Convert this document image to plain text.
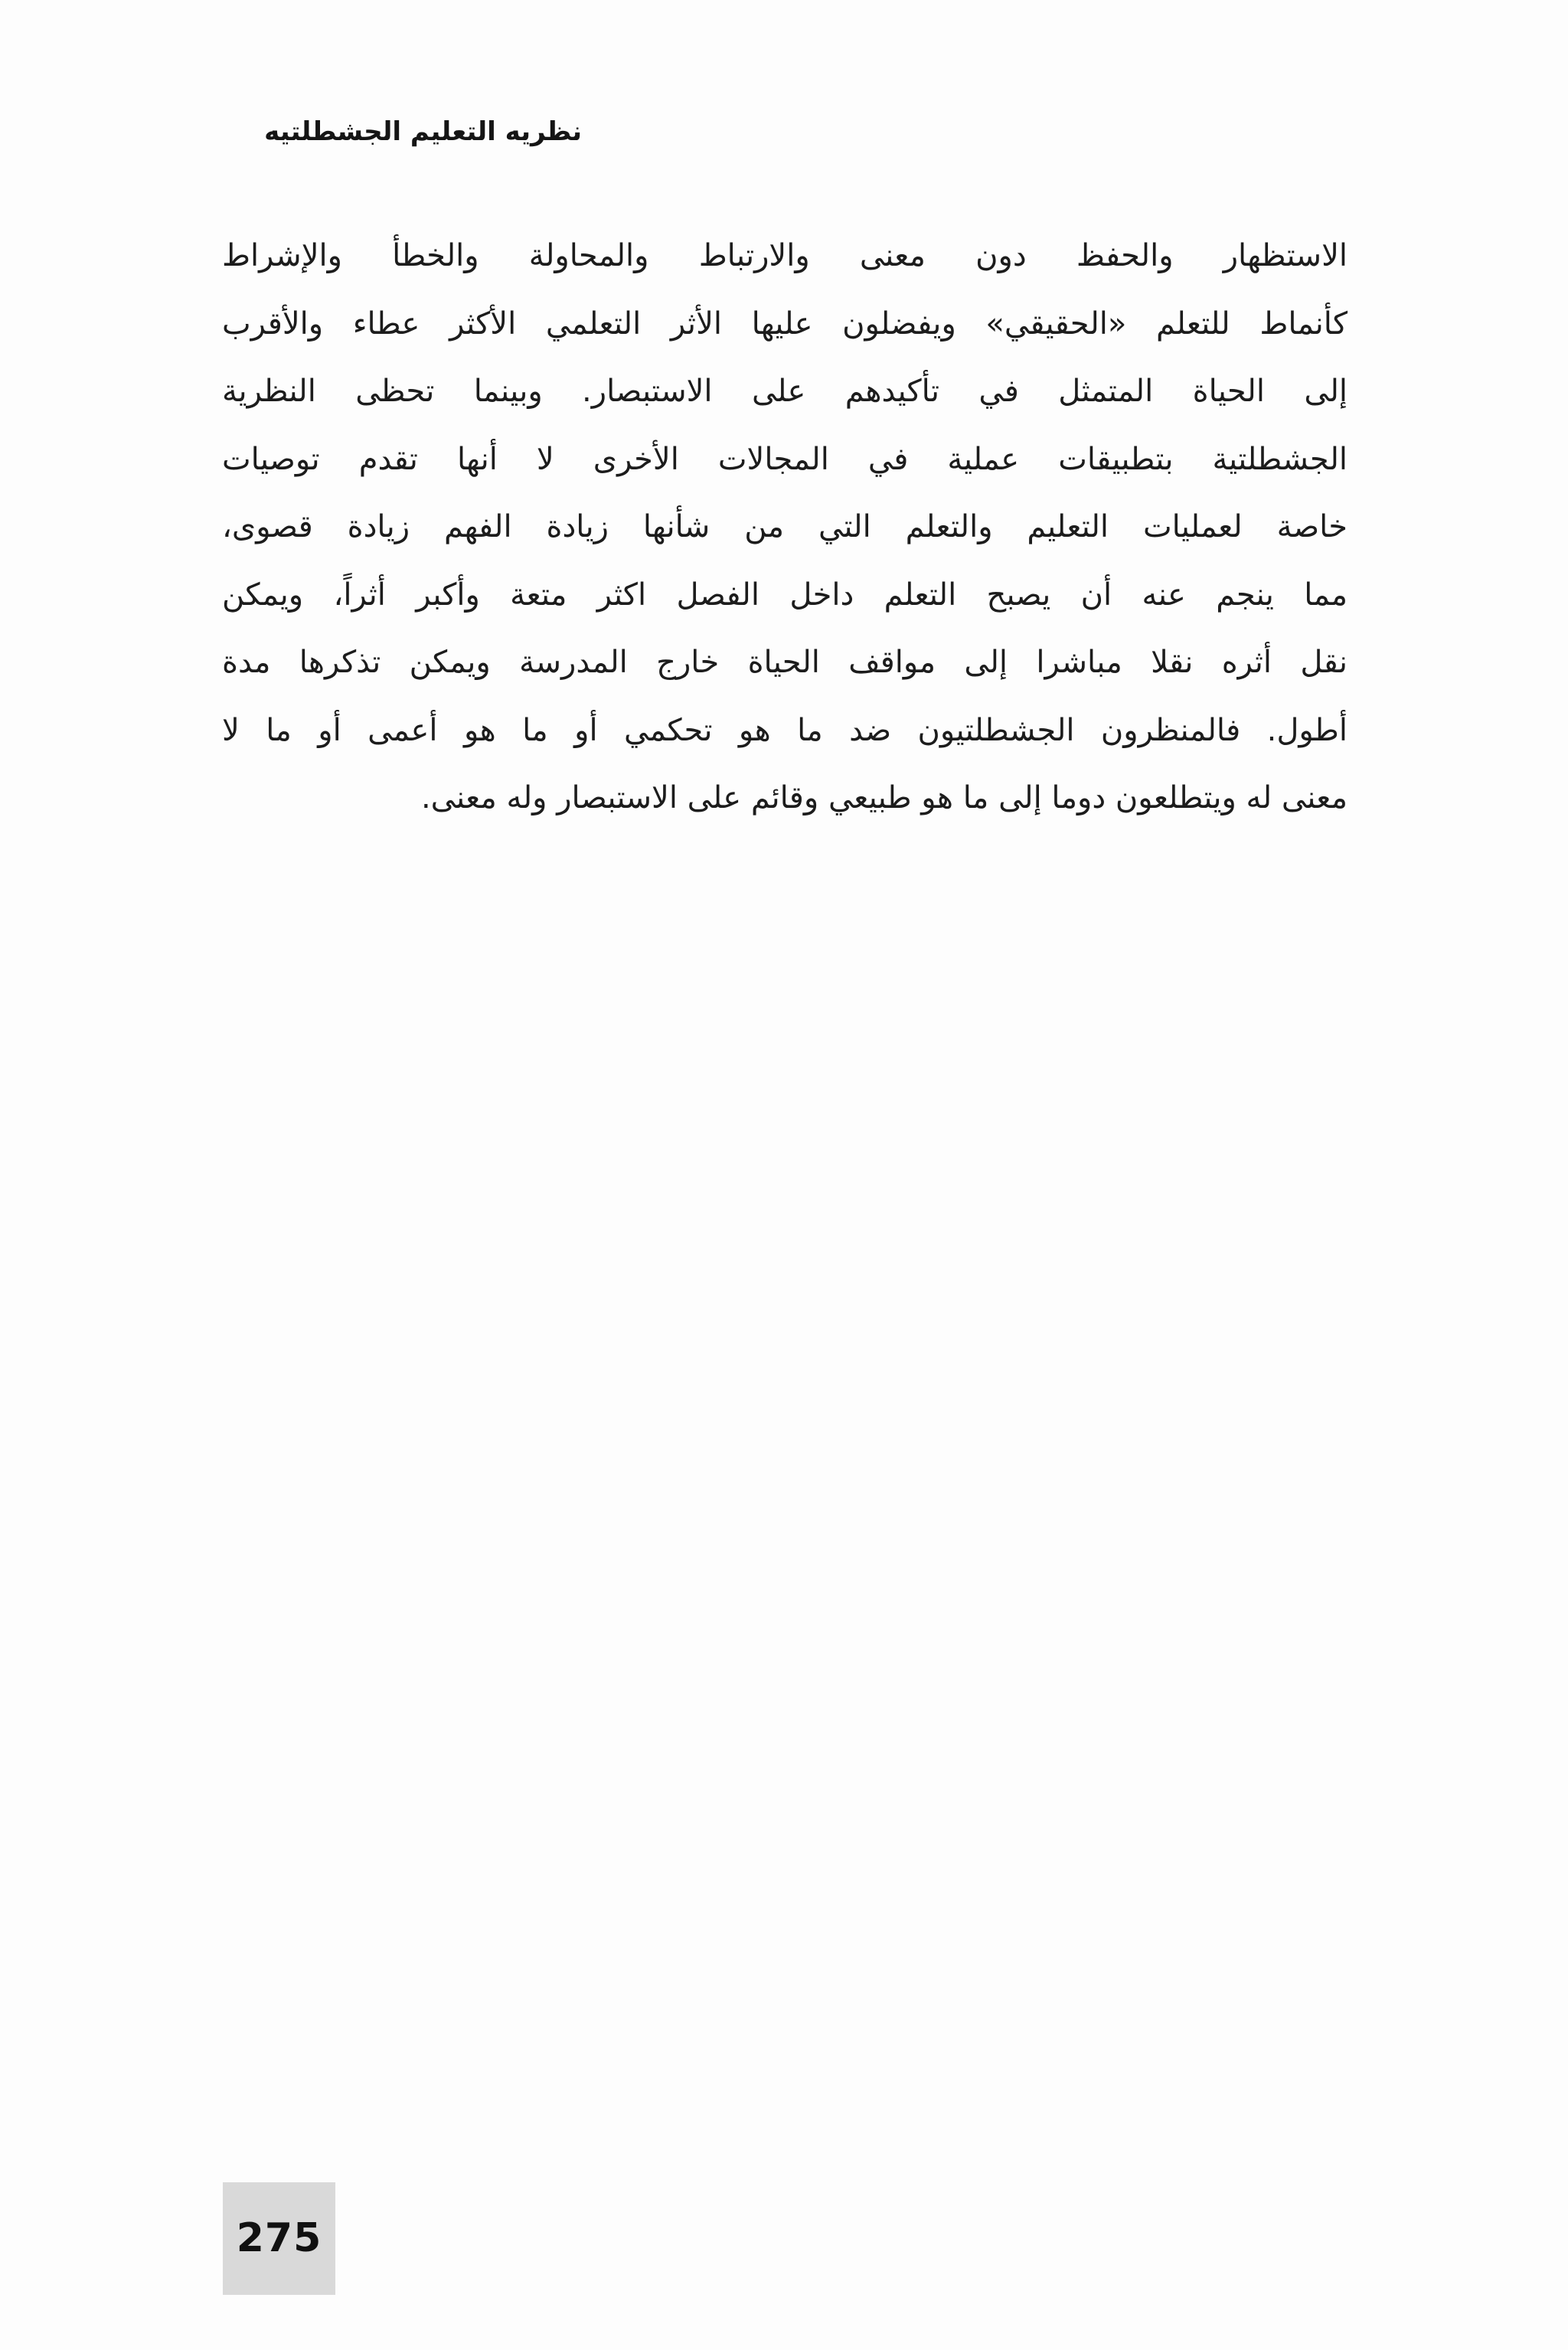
نظريه التعليم الجشطلتيه
الاستظهار والحفظ دون معنى والارتباط والمحاولة والخطأ والإشراط
كأنماط للتعلم «الحقيقي» ويفضلون عليها الأثر التعلمي الأكثر عطاء والأقرب
إلى الحياة المتمثل في تأكيدهم على الاستبصار. وبينما تحظى النظرية
الجشطلتية بتطبيقات عملية في المجالات الأخرى لا أنها تقدم توصيات
خاصة لعمليات التعليم والتعلم التي من شأنها زيادة الفهم زيادة قصوى،
مما ينجم عنه أن يصبح التعلم داخل الفصل اكثر متعة وأكبر أثراً، ويمكن
نقل أثره نقلا مباشرا إلى مواقف الحياة خارج المدرسة ويمكن تذكرها مدة
أطول. فالمنظرون الجشطلتيون ضد ما هو تحكمي أو ما هو أعمى أو ما لا
معنى له ويتطلعون دوما إلى ما هو طبيعي وقائم على الاستبصار وله معنى.
275
